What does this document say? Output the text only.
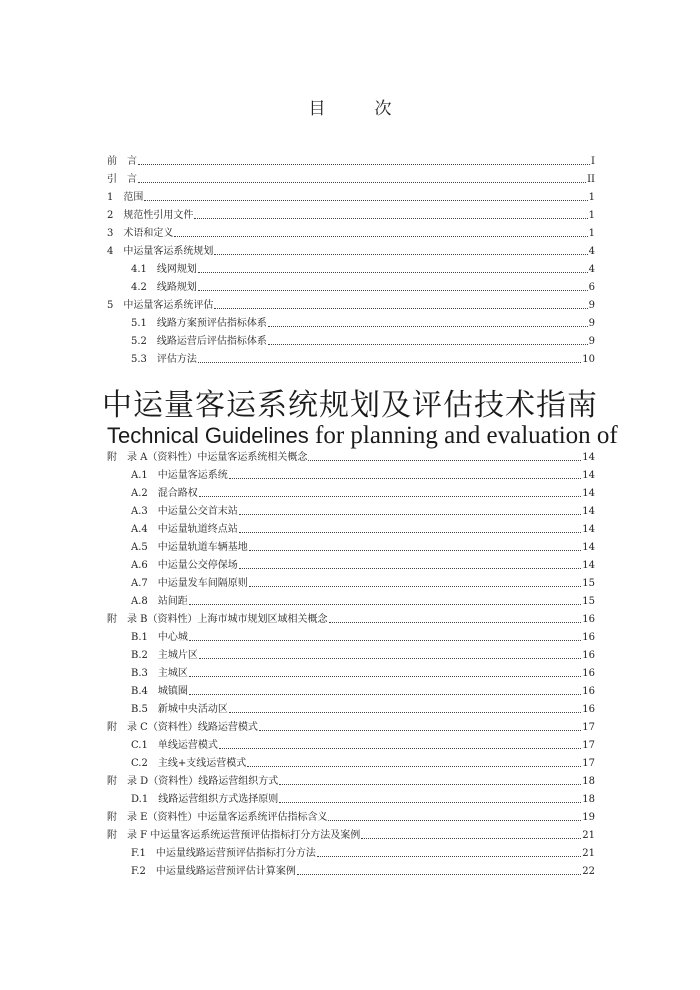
目　次
前　言	I
引　言	II
1　范围	1
2　规范性引用文件	1
3　术语和定义	1
4　中运量客运系统规划	4
4.1　线网规划	4
4.2　线路规划	6
5　中运量客运系统评估	9
5.1　线路方案预评估指标体系	9
5.2　线路运营后评估指标体系	9
5.3　评估方法	10
附　录 A（资料性）中运量客运系统相关概念	14
A.1　中运量客运系统	14
A.2　混合路权	14
A.3　中运量公交首末站	14
A.4　中运量轨道终点站	14
A.5　中运量轨道车辆基地	14
A.6　中运量公交停保场	14
A.7　中运量发车间隔原则	15
A.8　站间距	15
附　录 B（资料性）上海市城市规划区域相关概念	16
B.1　中心城	16
B.2　主城片区	16
B.3　主城区	16
B.4　城镇圈	16
B.5　新城中央活动区	16
附　录 C（资料性）线路运营模式	17
C.1　单线运营模式	17
C.2　主线+支线运营模式	17
附　录 D（资料性）线路运营组织方式	18
D.1　线路运营组织方式选择原则	18
附　录 E（资料性）中运量客运系统评估指标含义	19
附　录 F 中运量客运系统运营预评估指标打分方法及案例	21
F.1　中运量线路运营预评估指标打分方法	21
F.2　中运量线路运营预评估计算案例	22
中运量客运系统规划及评估技术指南
Technical Guidelines for planning and evaluation of
